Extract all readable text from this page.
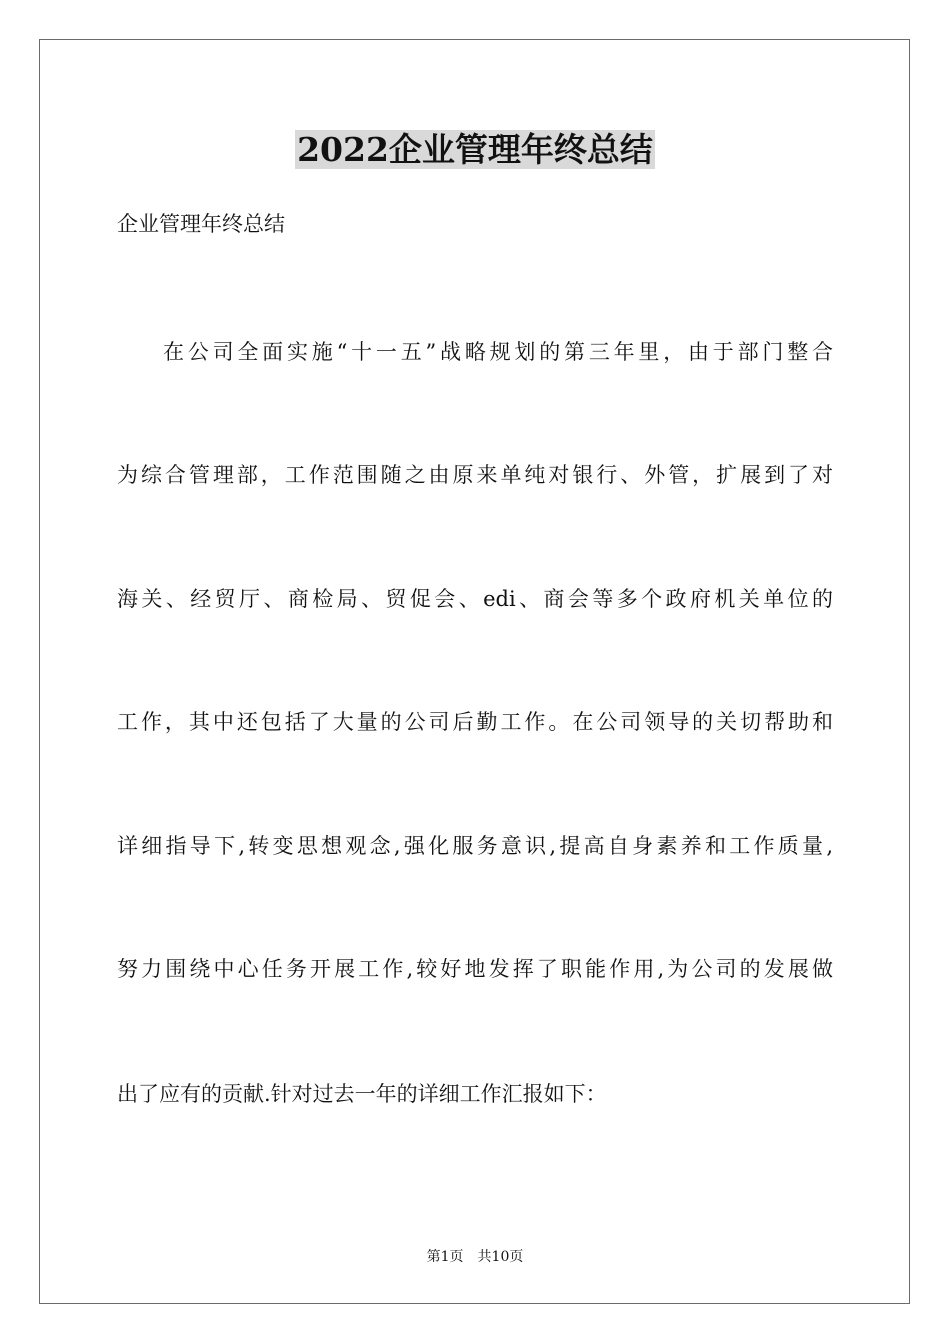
2022企业管理年终总结
企业管理年终总结
在公司全面实施“十一五”战略规划的第三年里，由于部门整合
为综合管理部，工作范围随之由原来单纯对银行、外管，扩展到了对
海关、经贸厅、商检局、贸促会、edi、商会等多个政府机关单位的
工作，其中还包括了大量的公司后勤工作。在公司领导的关切帮助和
详细指导下,转变思想观念,强化服务意识,提高自身素养和工作质量,
努力围绕中心任务开展工作,较好地发挥了职能作用,为公司的发展做
出了应有的贡献.针对过去一年的详细工作汇报如下：
第1页 共10页
